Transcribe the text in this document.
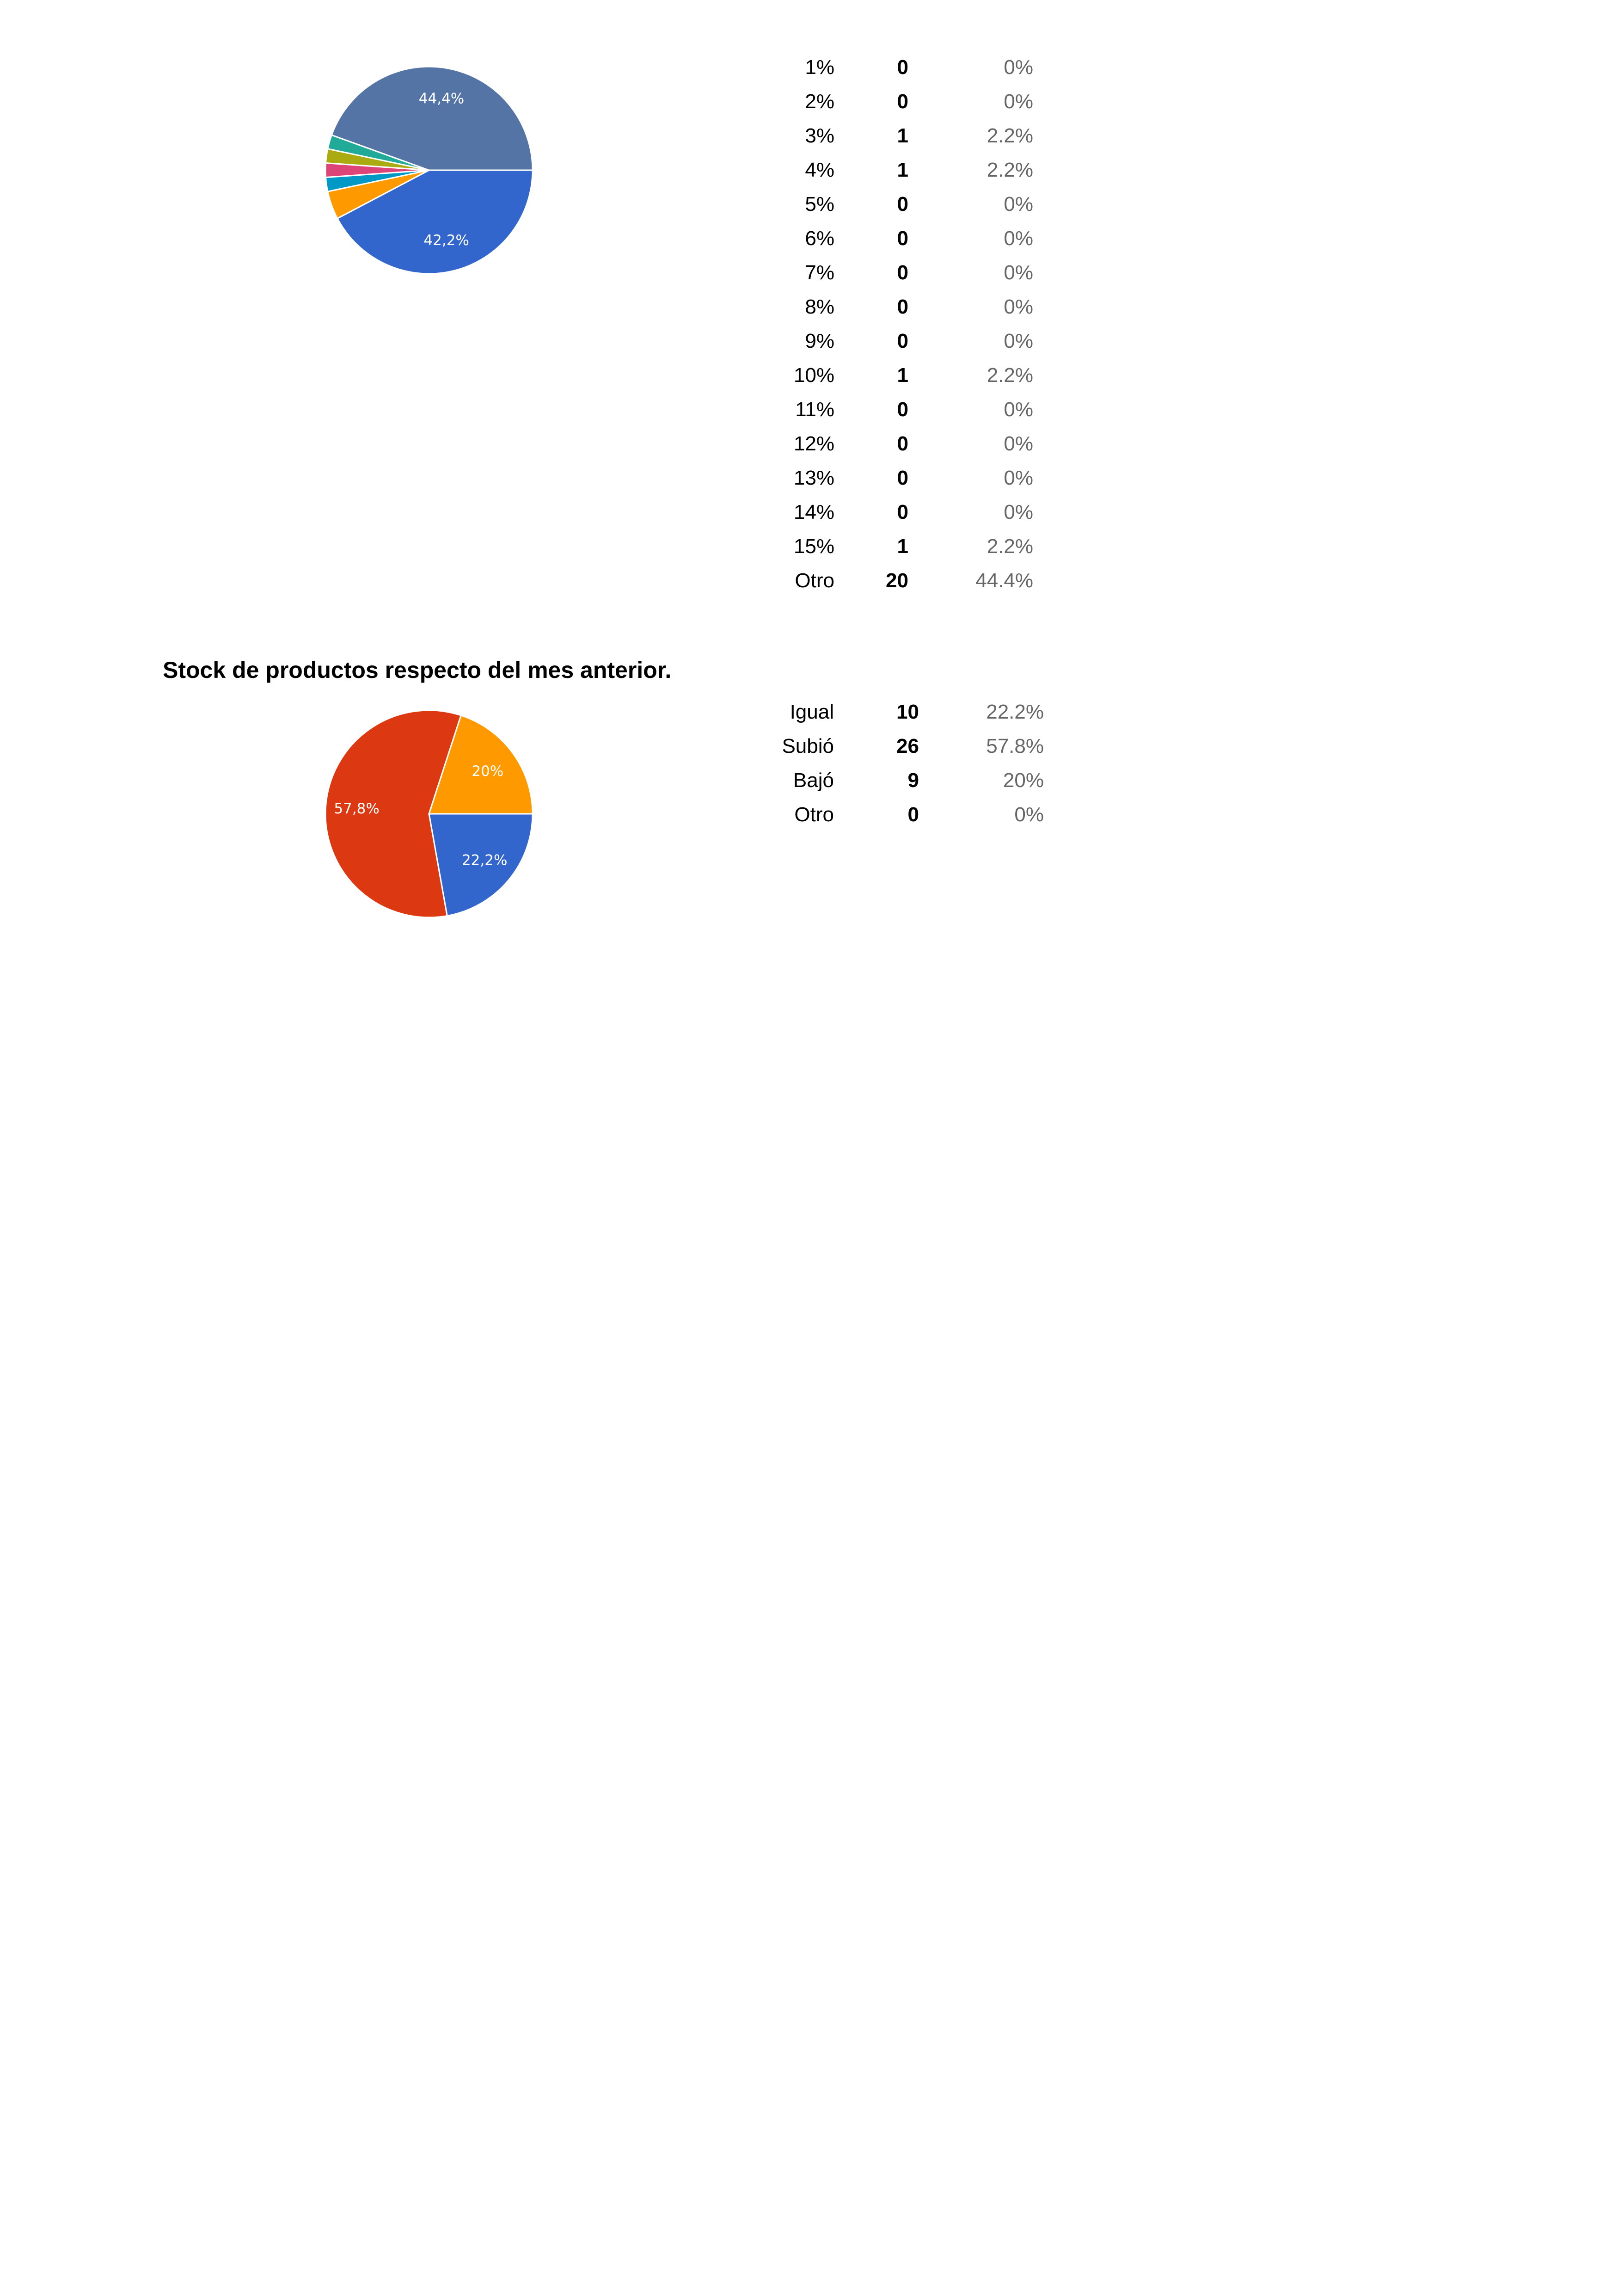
42,2%
44,4%
1%	0	0%
2%	0	0%
3%	1	2.2%
4%	1	2.2%
5%	0	0%
6%	0	0%
7%	0	0%
8%	0	0%
9%	0	0%
10%	1	2.2%
11%	0	0%
12%	0	0%
13%	0	0%
14%	0	0%
15%	1	2.2%
Otro	20	44.4%
Stock de productos respecto del mes anterior.
22,2%
57,8%
20%
Igual	10	22.2%
Subió	26	57.8%
Bajó	9	20%
Otro	0	0%
